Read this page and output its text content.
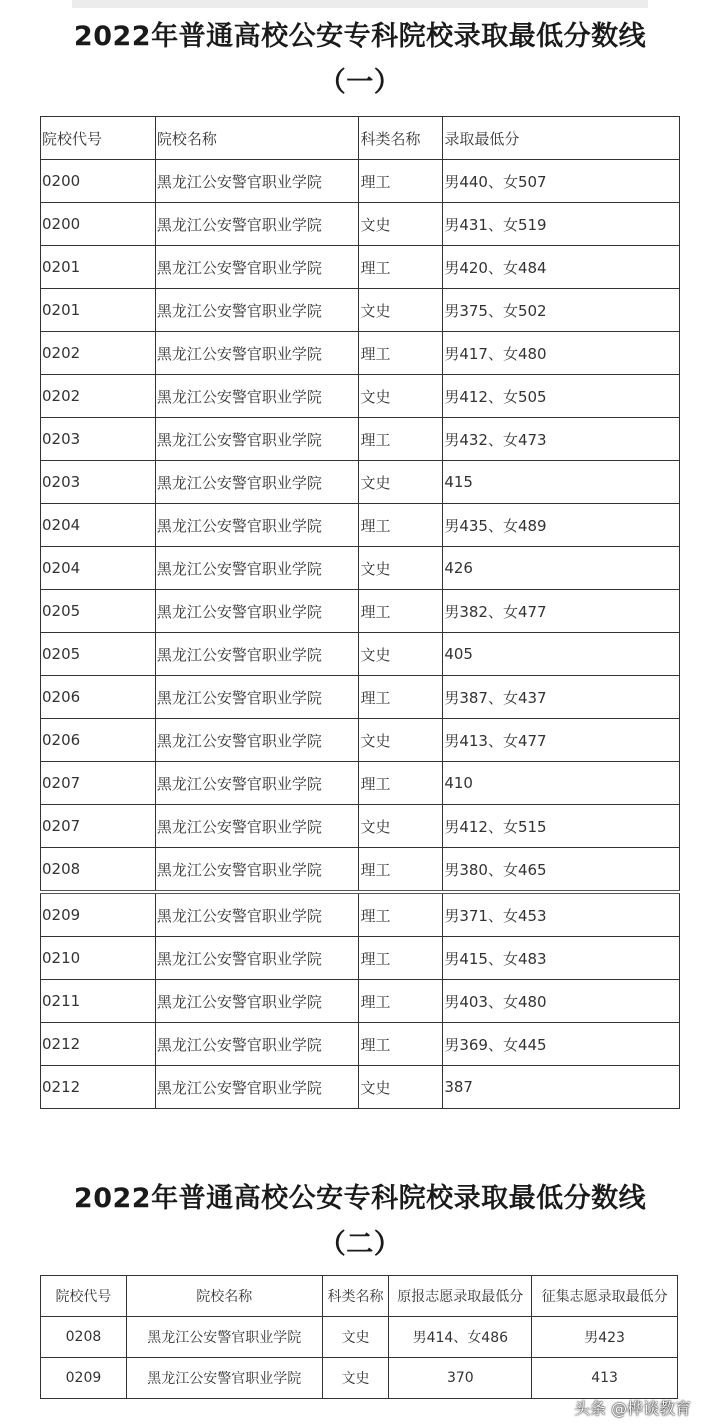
2022年普通高校公安专科院校录取最低分数线
（一）
院校代号	院校名称	科类名称	录取最低分
0200	黑龙江公安警官职业学院	理工	男440、女507
0200	黑龙江公安警官职业学院	文史	男431、女519
0201	黑龙江公安警官职业学院	理工	男420、女484
0201	黑龙江公安警官职业学院	文史	男375、女502
0202	黑龙江公安警官职业学院	理工	男417、女480
0202	黑龙江公安警官职业学院	文史	男412、女505
0203	黑龙江公安警官职业学院	理工	男432、女473
0203	黑龙江公安警官职业学院	文史	415
0204	黑龙江公安警官职业学院	理工	男435、女489
0204	黑龙江公安警官职业学院	文史	426
0205	黑龙江公安警官职业学院	理工	男382、女477
0205	黑龙江公安警官职业学院	文史	405
0206	黑龙江公安警官职业学院	理工	男387、女437
0206	黑龙江公安警官职业学院	文史	男413、女477
0207	黑龙江公安警官职业学院	理工	410
0207	黑龙江公安警官职业学院	文史	男412、女515
0208	黑龙江公安警官职业学院	理工	男380、女465
0209	黑龙江公安警官职业学院	理工	男371、女453
0210	黑龙江公安警官职业学院	理工	男415、女483
0211	黑龙江公安警官职业学院	理工	男403、女480
0212	黑龙江公安警官职业学院	理工	男369、女445
0212	黑龙江公安警官职业学院	文史	387
2022年普通高校公安专科院校录取最低分数线
（二）
院校代号	院校名称	科类名称	原报志愿录取最低分	征集志愿录取最低分
0208	黑龙江公安警官职业学院	文史	男414、女486	男423
0209	黑龙江公安警官职业学院	文史	370	413
头条 @桦谈教育
